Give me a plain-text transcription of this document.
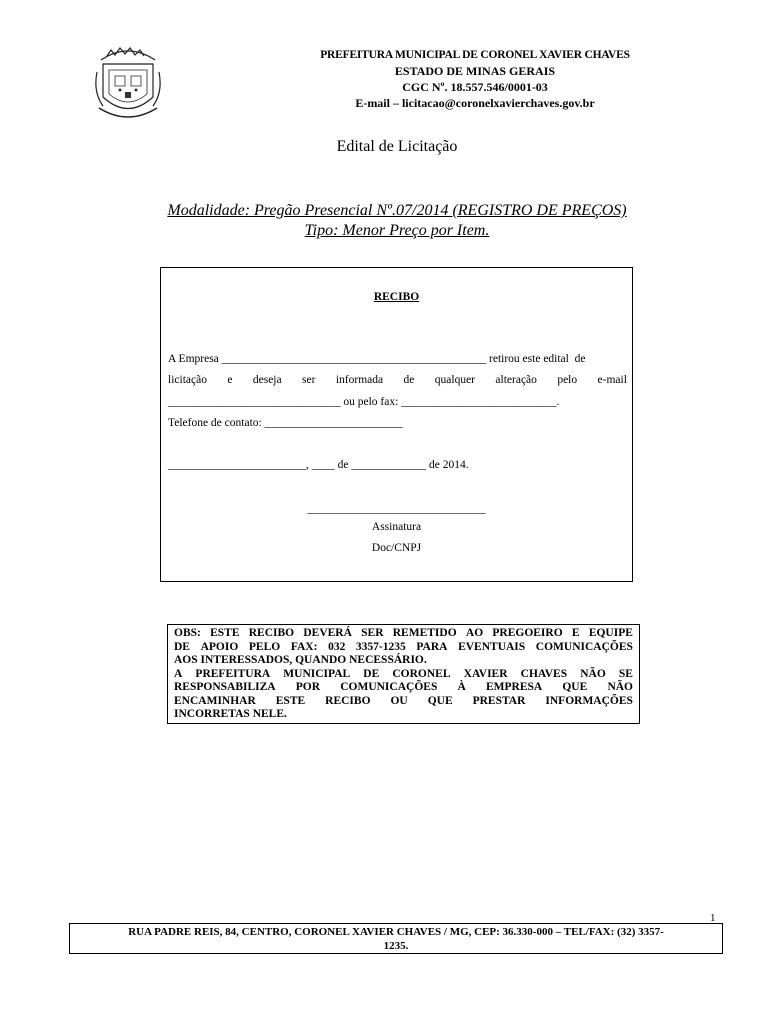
PREFEITURA MUNICIPAL DE CORONEL XAVIER CHAVES
ESTADO DE MINAS GERAIS
CGC Nº. 18.557.546/0001-03
E-mail – licitacao@coronelxavierchaves.gov.br
Edital de Licitação
Modalidade: Pregão Presencial Nº.07/2014 (REGISTRO DE PREÇOS)
Tipo: Menor Preço por Item.
RECIBO
A Empresa ______________________________________________ retirou este edital  de
licitação e deseja ser informada de qualquer alteração pelo e-mail
______________________________ ou pelo fax: ___________________________.
Telefone de contato: ________________________
________________________, ____ de _____________ de 2014.
_______________________________
Assinatura
Doc/CNPJ
OBS: ESTE RECIBO DEVERÁ SER REMETIDO AO PREGOEIRO E EQUIPE
DE APOIO PELO FAX: 032 3357-1235 PARA EVENTUAIS COMUNICAÇÕES
AOS INTERESSADOS, QUANDO NECESSÁRIO.
A PREFEITURA MUNICIPAL DE CORONEL XAVIER CHAVES NÃO SE
RESPONSABILIZA POR COMUNICAÇÕES À EMPRESA QUE NÃO
ENCAMINHAR ESTE RECIBO OU QUE PRESTAR INFORMAÇÕES
INCORRETAS NELE.
1
RUA PADRE REIS, 84, CENTRO, CORONEL XAVIER CHAVES / MG, CEP: 36.330-000 – TEL/FAX: (32) 3357-
1235.
